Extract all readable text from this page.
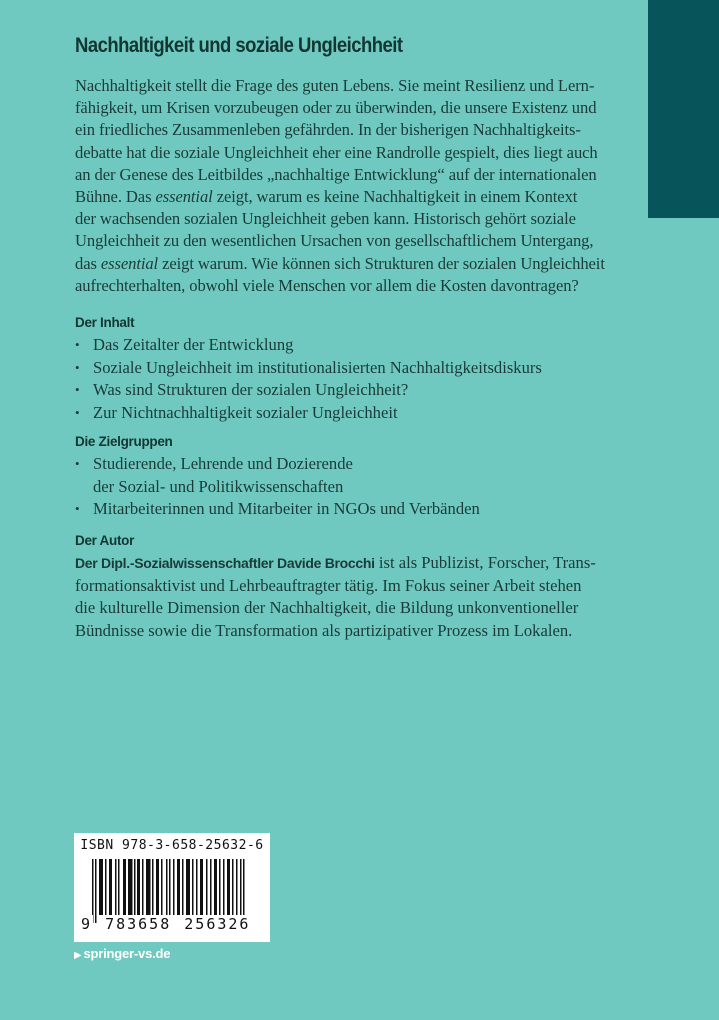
Nachhaltigkeit und soziale Ungleichheit
Nachhaltigkeit stellt die Frage des guten Lebens. Sie meint Resilienz und Lern-
fähigkeit, um Krisen vorzubeugen oder zu überwinden, die unsere Existenz und
ein friedliches Zusammenleben gefährden. In der bisherigen Nachhaltigkeits-
debatte hat die soziale Ungleichheit eher eine Randrolle gespielt, dies liegt auch
an der Genese des Leitbildes „nachhaltige Entwicklung“ auf der internationalen
Bühne. Das essential zeigt, warum es keine Nachhaltigkeit in einem Kontext
der wachsenden sozialen Ungleichheit geben kann. Historisch gehört soziale
Ungleichheit zu den wesentlichen Ursachen von gesellschaftlichem Untergang,
das essential zeigt warum. Wie können sich Strukturen der sozialen Ungleichheit
aufrechterhalten, obwohl viele Menschen vor allem die Kosten davontragen?
Der Inhalt
• Das Zeitalter der Entwicklung
• Soziale Ungleichheit im institutionalisierten Nachhaltigkeitsdiskurs
• Was sind Strukturen der sozialen Ungleichheit?
• Zur Nichtnachhaltigkeit sozialer Ungleichheit
Die Zielgruppen
• Studierende, Lehrende und Dozierende
der Sozial- und Politikwissenschaften
• Mitarbeiterinnen und Mitarbeiter in NGOs und Verbänden
Der Autor
Der Dipl.-Sozialwissenschaftler Davide Brocchi ist als Publizist, Forscher, Trans-
formationsaktivist und Lehrbeauftragter tätig. Im Fokus seiner Arbeit stehen
die kulturelle Dimension der Nachhaltigkeit, die Bildung unkonventioneller
Bündnisse sowie die Transformation als partizipativer Prozess im Lokalen.
ISBN 978-3-658-25632-6
9 783658 256326
▶ springer-vs.de
